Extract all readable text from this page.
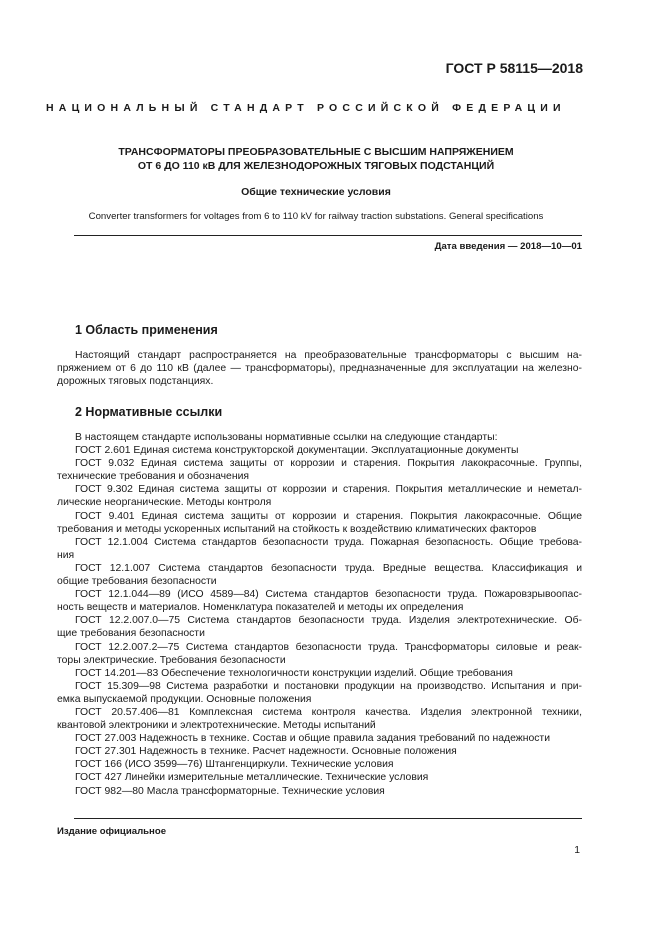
ГОСТ Р 58115—2018
НАЦИОНАЛЬНЫЙ СТАНДАРТ РОССИЙСКОЙ ФЕДЕРАЦИИ
ТРАНСФОРМАТОРЫ ПРЕОБРАЗОВАТЕЛЬНЫЕ С ВЫСШИМ НАПРЯЖЕНИЕМ
ОТ 6 ДО 110 кВ ДЛЯ ЖЕЛЕЗНОДОРОЖНЫХ ТЯГОВЫХ ПОДСТАНЦИЙ
Общие технические условия
Converter transformers for voltages from 6 to 110 kV for railway traction substations. General specifications
Дата введения — 2018—10—01
1 Область применения

Настоящий стандарт распространяется на преобразовательные трансформаторы с высшим на-

пряжением от 6 до 110 кВ (далее — трансформаторы), предназначенные для эксплуатации на железно-

дорожных тяговых подстанциях.

2 Нормативные ссылки

В настоящем стандарте использованы нормативные ссылки на следующие стандарты:

ГОСТ 2.601 Единая система конструкторской документации. Эксплуатационные документы

ГОСТ 9.032 Единая система защиты от коррозии и старения. Покрытия лакокрасочные. Группы,

технические требования и обозначения

ГОСТ 9.302 Единая система защиты от коррозии и старения. Покрытия металлические и неметал-

лические неорганические. Методы контроля

ГОСТ 9.401 Единая система защиты от коррозии и старения. Покрытия лакокрасочные. Общие

требования и методы ускоренных испытаний на стойкость к воздействию климатических факторов

ГОСТ 12.1.004 Система стандартов безопасности труда. Пожарная безопасность. Общие требова-

ния

ГОСТ 12.1.007 Система стандартов безопасности труда. Вредные вещества. Классификация и

общие требования безопасности

ГОСТ 12.1.044—89 (ИСО 4589—84) Система стандартов безопасности труда. Пожаровзрывоопас-

ность веществ и материалов. Номенклатура показателей и методы их определения

ГОСТ 12.2.007.0—75 Система стандартов безопасности труда. Изделия электротехнические. Об-

щие требования безопасности

ГОСТ 12.2.007.2—75 Система стандартов безопасности труда. Трансформаторы силовые и реак-

торы электрические. Требования безопасности

ГОСТ 14.201—83 Обеспечение технологичности конструкции изделий. Общие требования

ГОСТ 15.309—98 Система разработки и постановки продукции на производство. Испытания и при-

емка выпускаемой продукции. Основные положения

ГОСТ 20.57.406—81 Комплексная система контроля качества. Изделия электронной техники,

квантовой электроники и электротехнические. Методы испытаний

ГОСТ 27.003 Надежность в технике. Состав и общие правила задания требований по надежности

ГОСТ 27.301 Надежность в технике. Расчет надежности. Основные положения

ГОСТ 166 (ИСО 3599—76) Штангенциркули. Технические условия

ГОСТ 427 Линейки измерительные металлические. Технические условия

ГОСТ 982—80 Масла трансформаторные. Технические условия

Издание официальное
1
